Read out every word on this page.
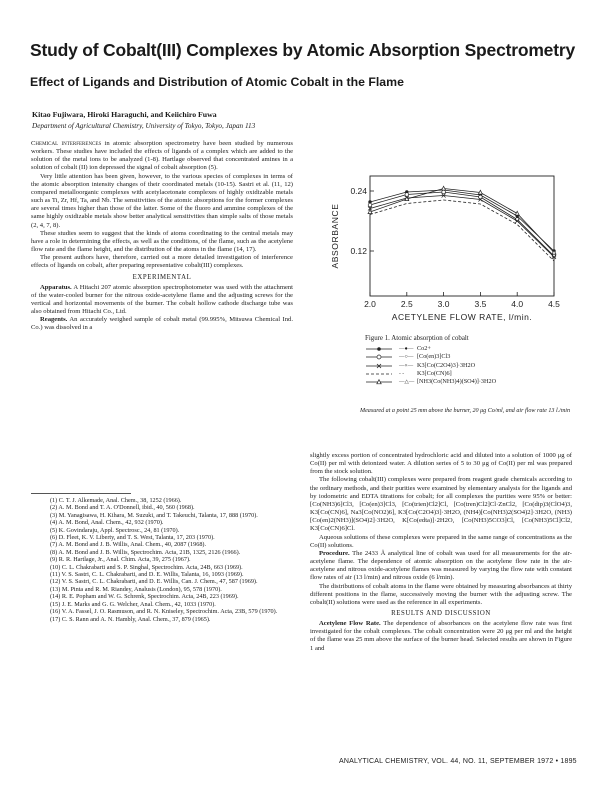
Study of Cobalt(III) Complexes by Atomic Absorption Spectrometry
Effect of Ligands and Distribution of Atomic Cobalt in the Flame
Kitao Fujiwara, Hiroki Haraguchi, and Keiichiro Fuwa
Department of Agricultural Chemistry, University of Tokyo, Tokyo, Japan 113

Chemical interferences in atomic absorption spectrometry have been studied by numerous workers. These studies have included the effects of ligands of a complex which are added to the solution of the metal ions to be analyzed (1-8). Hartlage observed that concentrated amines in a solution of cobalt (II) ion depressed the signal of cobalt absorption (5).

Very little attention has been given, however, to the various species of complexes in terms of the atomic absorption intensity changes of their coordinated metals (10-15). Sastri et al. (11, 12) compared metalloorganic complexes with acetylacetonate complexes of highly oxidizable metals such as Ti, Zr, Hf, Ta, and Nb. The sensitivities of the atomic absorptions for the former complexes are several times higher than those of the latter. Some of the fluoro and ammine complexes of the same highly oxidizable metals show better analytical sensitivities than simple salts of those metals (2, 4, 7, 8).

These studies seem to suggest that the kinds of atoms coordinating to the central metals may have a role in determining the effects, as well as the conditions, of the flame, such as the acetylene flow rate and the flame height, and the distribution of the atoms in the flame (14, 17).

The present authors have, therefore, carried out a more detailed investigation of interference effects of ligands on cobalt, after preparing representative cobalt(III) complexes.

EXPERIMENTAL

Apparatus. A Hitachi 207 atomic absorption spectrophotometer was used with the attachment of the water-cooled burner for the nitrous oxide-acetylene flame and the adjusting screws for the vertical and horizontal movements of the burner. The cobalt hollow cathode discharge tube was also obtained from Hitachi Co., Ltd.

Reagents. An accurately weighed sample of cobalt metal (99.995%, Mitsuwa Chemical Ind. Co.) was dissolved in a

(1) C. T. J. Alkemade, Anal. Chem., 38, 1252 (1966).

(2) A. M. Bond and T. A. O'Donnell, ibid., 40, 560 (1968).

(3) M. Yanagisawa, H. Kihara, M. Suzuki, and T. Takeuchi, Talanta, 17, 888 (1970).

(4) A. M. Bond, Anal. Chem., 42, 932 (1970).

(5) K. Govindaraju, Appl. Spectrosc., 24, 81 (1970).

(6) D. Fleet, K. V. Liberty, and T. S. West, Talanta, 17, 203 (1970).

(7) A. M. Bond and J. B. Willis, Anal. Chem., 40, 2087 (1968).

(8) A. M. Bond and J. B. Willis, Spectrochim. Acta, 21B, 1325, 2126 (1966).

(9) R. R. Hartlage, Jr., Anal. Chim. Acta, 39, 275 (1967).

(10) C. L. Chakrabarti and S. P. Singhal, Spectrochim. Acta, 24B, 663 (1969).

(11) V. S. Sastri, C. L. Chakrabarti, and D. E. Willis, Talanta, 16, 1093 (1969).

(12) V. S. Sastri, C. L. Chakrabarti, and D. E. Willis, Can. J. Chem., 47, 587 (1969).

(13) M. Pinta and R. M. Riandey, Analusis (London), 95, 578 (1970).

(14) R. E. Popham and W. G. Schrenk, Spectrochim. Acta, 24B, 223 (1969).

(15) J. E. Marks and G. G. Welcher, Anal. Chem., 42, 1033 (1970).

(16) V. A. Fassel, J. O. Rasmuson, and R. N. Kniseley, Spectrochim. Acta, 23B, 579 (1970).

(17) C. S. Rann and A. N. Hambly, Anal. Chem., 37, 879 (1965).

2.0	2.5	3.0	3.5	4.0	4.5
0.24
0.12
ACETYLENE FLOW RATE, l/min.
ABSORBANCE
Figure 1. Atomic absorption of cobalt
—●— Co2+
—○— [Co(en)3]Cl3
—×— K3[Co(C2O4)3]·3H2O
- -	K3[Co(CN)6]
—△— [NH3(Co(NH3)4)(SO4)]·3H2O
Measured at a point 25 mm above the burner, 20 μg Co/ml, and air flow rate 13 l./min

slightly excess portion of concentrated hydrochloric acid and diluted into a solution of 1000 μg of Co(II) per ml with deionized water. A dilution series of 5 to 30 μg of Co(II) per ml was prepared from the stock solution.

The following cobalt(III) complexes were prepared from reagent grade chemicals according to the ordinary methods, and their purities were examined by elementary analysis for the ligands and by iodometric and EDTA titrations for cobalt; for all complexes the purities were 95% or better: [Co(NH3)6]Cl3, [Co(en)3]Cl3, [Co(trien)Cl2]Cl, [Co(tren)Cl2]Cl·ZnCl2, [Co(dip)3(ClO4)3, K3[Co(CN)6], Na3[Co(NO2)6], K3[Co(C2O4)3]·3H2O, (NH4)[Co(NH3)2(SO4)2]·3H2O, (NH3)[Co(en)2(NH3)](SO4)2]·3H2O, K[Co(edta)]·2H2O, [Co(NH3)5CO3]Cl, [Co(NH3)5Cl]Cl2, K3[Co(CN)6]Cl.

Aqueous solutions of these complexes were prepared in the same range of concentrations as the Co(II) solutions.

Procedure. The 2433 Å analytical line of cobalt was used for all measurements for the air-acetylene flame. The dependence of atomic absorption on the acetylene flow rate in the air-acetylene and nitrous oxide-acetylene flames was measured by varying the flow rate with constant flow rates of air (13 l/min) and nitrous oxide (6 l/min).

The distributions of cobalt atoms in the flame were obtained by measuring absorbances at thirty different positions in the flame, successively moving the burner with the adjusting screw. The cobalt(II) solutions were used as the reference in all experiments.

RESULTS AND DISCUSSION

Acetylene Flow Rate. The dependence of absorbances on the acetylene flow rate was first investigated for the cobalt complexes. The cobalt concentration were 20 μg per ml and the height of the flame was 25 mm above the surface of the burner head. Selected results are shown in Figure 1 and

ANALYTICAL CHEMISTRY, VOL. 44, NO. 11, SEPTEMBER 1972 • 1895
